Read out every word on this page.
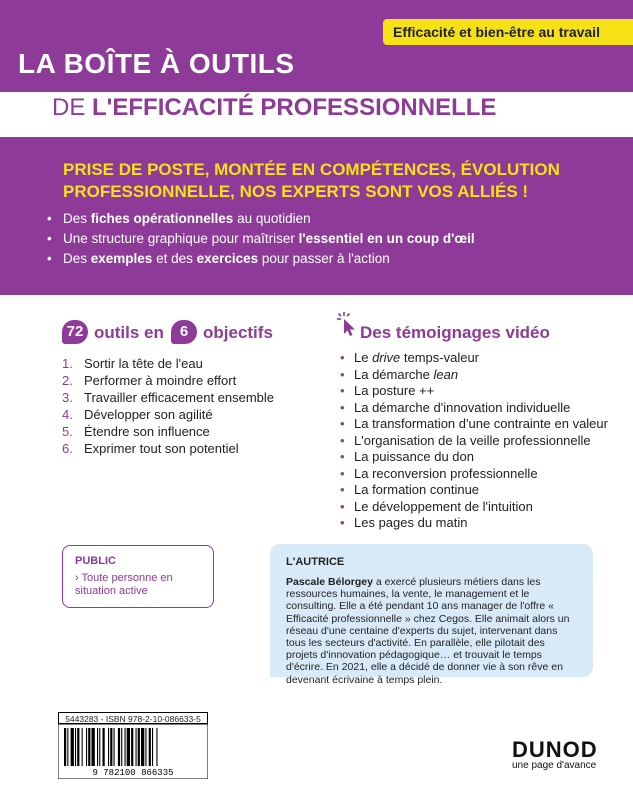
Efficacité et bien-être au travail
LA BOÎTE À OUTILS
DE L'EFFICACITÉ PROFESSIONNELLE
PRISE DE POSTE, MONTÉE EN COMPÉTENCES, ÉVOLUTION PROFESSIONNELLE, NOS EXPERTS SONT VOS ALLIÉS !
• Des fiches opérationnelles au quotidien
• Une structure graphique pour maîtriser l'essentiel en un coup d'œil
• Des exemples et des exercices pour passer à l'action
72 outils en	6 objectifs
1. Sortir la tête de l'eau
2. Performer à moindre effort
3. Travailler efficacement ensemble
4. Développer son agilité
5. Étendre son influence
6. Exprimer tout son potentiel
Des témoignages vidéo
• Le drive temps-valeur
• La démarche lean
• La posture ++
• La démarche d'innovation individuelle
• La transformation d'une contrainte en valeur
• L'organisation de la veille professionnelle
• La puissance du don
• La reconversion professionnelle
• La formation continue
• Le développement de l'intuition
• Les pages du matin
PUBLIC
› Toute personne en situation active
L'AUTRICE
Pascale Bélorgey a exercé plusieurs métiers dans les ressources humaines, la vente, le management et le consulting. Elle a été pendant 10 ans manager de l'offre « Efficacité professionnelle » chez Cegos. Elle animait alors un réseau d'une centaine d'experts du sujet, intervenant dans tous les secteurs d'activité. En parallèle, elle pilotait des projets d'innovation pédagogique… et trouvait le temps d'écrire. En 2021, elle a décidé de donner vie à son rêve en devenant écrivaine à temps plein.
5443283 - ISBN 978-2-10-086633-5
9 782100 866335
DUNOD
une page d'avance
